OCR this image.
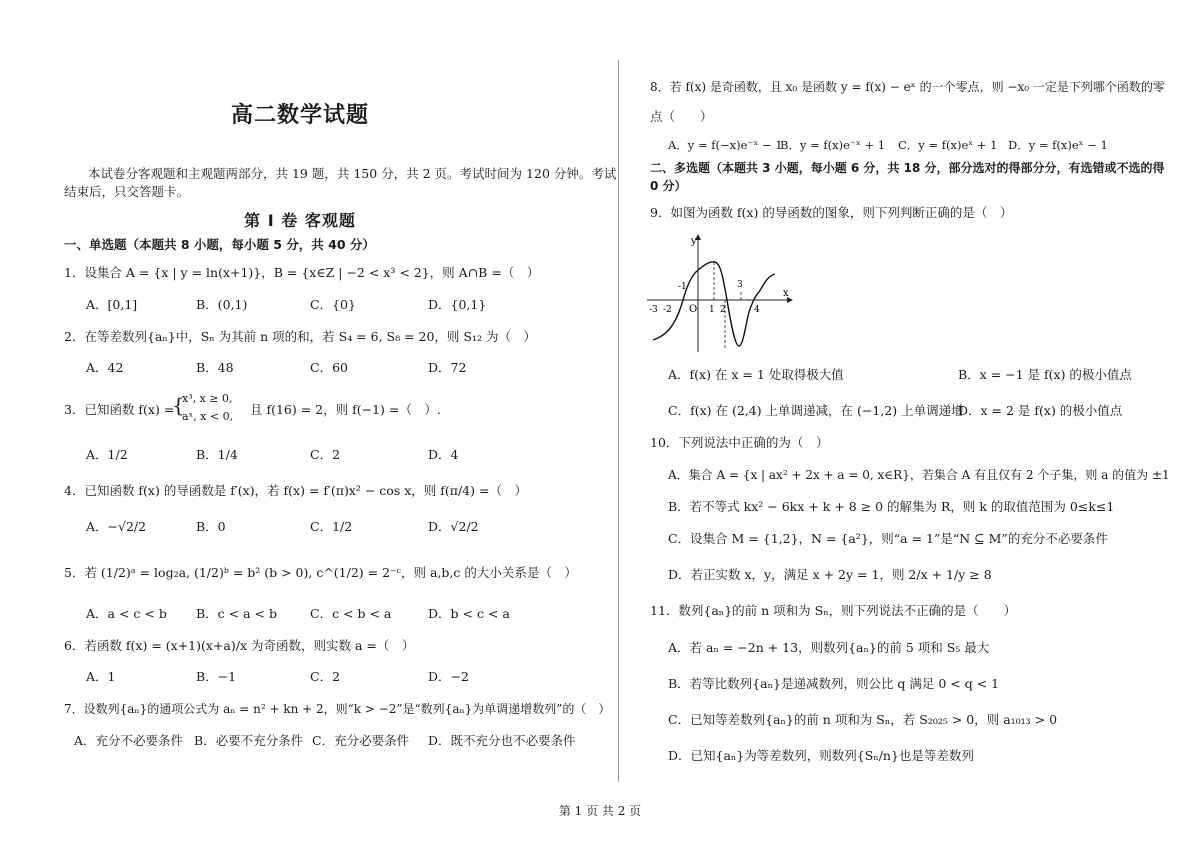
高二数学试题
本试卷分客观题和主观题两部分，共 19 题，共 150 分，共 2 页。考试时间为 120 分钟。考试
结束后，只交答题卡。
第 I 卷 客观题
一、单选题（本题共 8 小题，每小题 5 分，共 40 分）
1．设集合 A = {x | y = ln(x+1)}，B = {x∈Z | −2 < x³ < 2}，则 A∩B =（　）
A．[0,1]	B．(0,1)	C．{0}	D．{0,1}
2．在等差数列{aₙ}中，Sₙ 为其前 n 项的和，若 S₄ = 6, S₈ = 20，则 S₁₂ 为（　）
A．42	B．48	C．60	D．72
3．已知函数 f(x) =
{
x³, x ≥ 0,
aˣ, x < 0, 且 f(16) = 2，则 f(−1) =（　）.
A．1/2	B．1/4	C．2	D．4
4．已知函数 f(x) 的导函数是 f′(x)，若 f(x) = f′(π)x² − cos x，则 f(π/4) =（　）
A．−√2/2	B．0	C．1/2	D．√2/2
5．若 (1/2)ᵃ = log₂a, (1/2)ᵇ = b² (b > 0), c^(1/2) = 2⁻ᶜ，则 a,b,c 的大小关系是（　）
A．a < c < b B．c < a < b	C．c < b < a	D．b < c < a
6．若函数 f(x) = (x+1)(x+a)/x 为奇函数，则实数 a =（　）
A．1	B．−1	C．2	D．−2
7．设数列{aₙ}的通项公式为 aₙ = n² + kn + 2，则“k > −2”是“数列{aₙ}为单调递增数列”的（　）
A．充分不必要条件 B．必要不充分条件 C．充分必要条件 D．既不充分也不必要条件
8．若 f(x) 是奇函数，且 x₀ 是函数 y = f(x) − eˣ 的一个零点，则 −x₀ 一定是下列哪个函数的零
点（　　）
A．y = f(−x)e⁻ˣ − 1
B．y = f(x)e⁻ˣ + 1 C．y = f(x)eˣ + 1 D．y = f(x)eˣ − 1
二、多选题（本题共 3 小题，每小题 6 分，共 18 分，部分选对的得部分分，有选错或不选的得
0 分）
9．如图为函数 f(x) 的导函数的图象，则下列判断正确的是（　）
y
x
O
-3 -2
-1
1 2
3
4
A．f(x) 在 x = 1 处取得极大值	B．x = −1 是 f(x) 的极小值点
C．f(x) 在 (2,4) 上单调递减，在 (−1,2) 上单调递增
D．x = 2 是 f(x) 的极小值点
10．下列说法中正确的为（　）
A．集合 A = {x | ax² + 2x + a = 0, x∈R}，若集合 A 有且仅有 2 个子集，则 a 的值为 ±1
B．若不等式 kx² − 6kx + k + 8 ≥ 0 的解集为 R，则 k 的取值范围为 0≤k≤1
C．设集合 M = {1,2}，N = {a²}，则“a = 1”是“N ⊆ M”的充分不必要条件
D．若正实数 x，y，满足 x + 2y = 1，则 2/x + 1/y ≥ 8
11．数列{aₙ}的前 n 项和为 Sₙ，则下列说法不正确的是（　　）
A．若 aₙ = −2n + 13，则数列{aₙ}的前 5 项和 S₅ 最大
B．若等比数列{aₙ}是递减数列，则公比 q 满足 0 < q < 1
C．已知等差数列{aₙ}的前 n 项和为 Sₙ，若 S₂₀₂₅ > 0，则 a₁₀₁₃ > 0
D．已知{aₙ}为等差数列，则数列{Sₙ/n}也是等差数列
第 1 页 共 2 页
